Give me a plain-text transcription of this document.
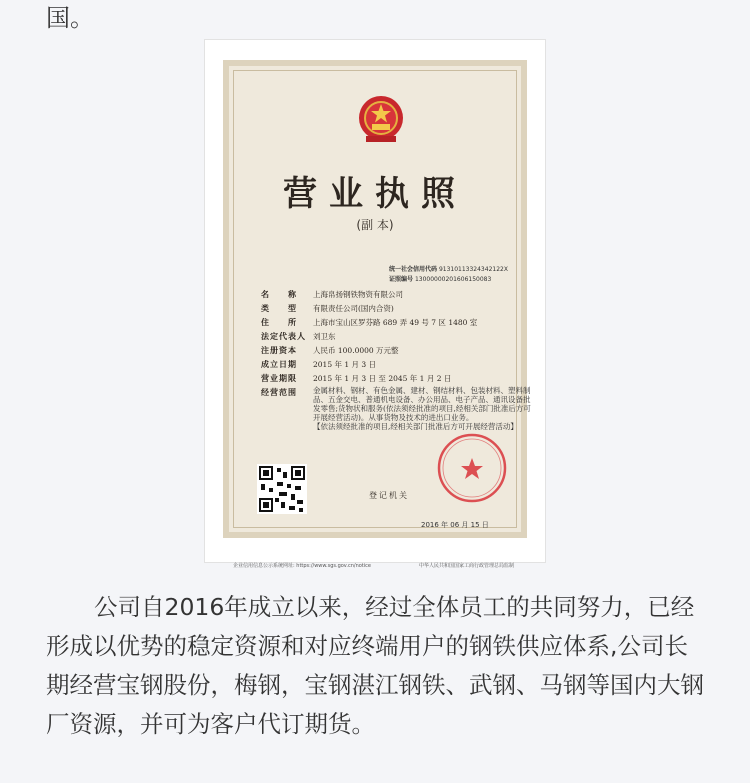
国。
营业执照
(副 本)
统一社会信用代码 91310113324342122X
证照编号 13000000201606150083
名　　称	上海帛扬钢铁物资有限公司
类　　型	有限责任公司(国内合资)
住　　所	上海市宝山区罗芬路 689 弄 49 号 7 区 1480 室
法定代表人 刘卫东
注册资本	人民币 100.0000 万元整
成立日期	2015 年 1 月 3 日
营业期限	2015 年 1 月 3 日 至 2045 年 1 月 2 日
经营范围	金属材料、钢材、有色金属、建材、钢结材料、包装材料、塑料制品、五金交电、普通机电设备、办公用品、电子产品、通讯设备批发零售;货物状和服务(依法须经批准的项目,经相关部门批准后方可开展经营活动)。从事货物及技术的进出口业务。
【依法须经批准的项目,经相关部门批准后方可开展经营活动】
登记机关
2016 年 06 月 15 日
企业信用信息公示系统网址: https://www.sgs.gov.cn/notice	中华人民共和国国家工商行政管理总局监制

公司自2016年成立以来，经过全体员工的共同努力，已经形成以优势的稳定资源和对应终端用户的钢铁供应体系,公司长期经营宝钢股份，梅钢，宝钢湛江钢铁、武钢、马钢等国内大钢厂资源，并可为客户代订期货。
